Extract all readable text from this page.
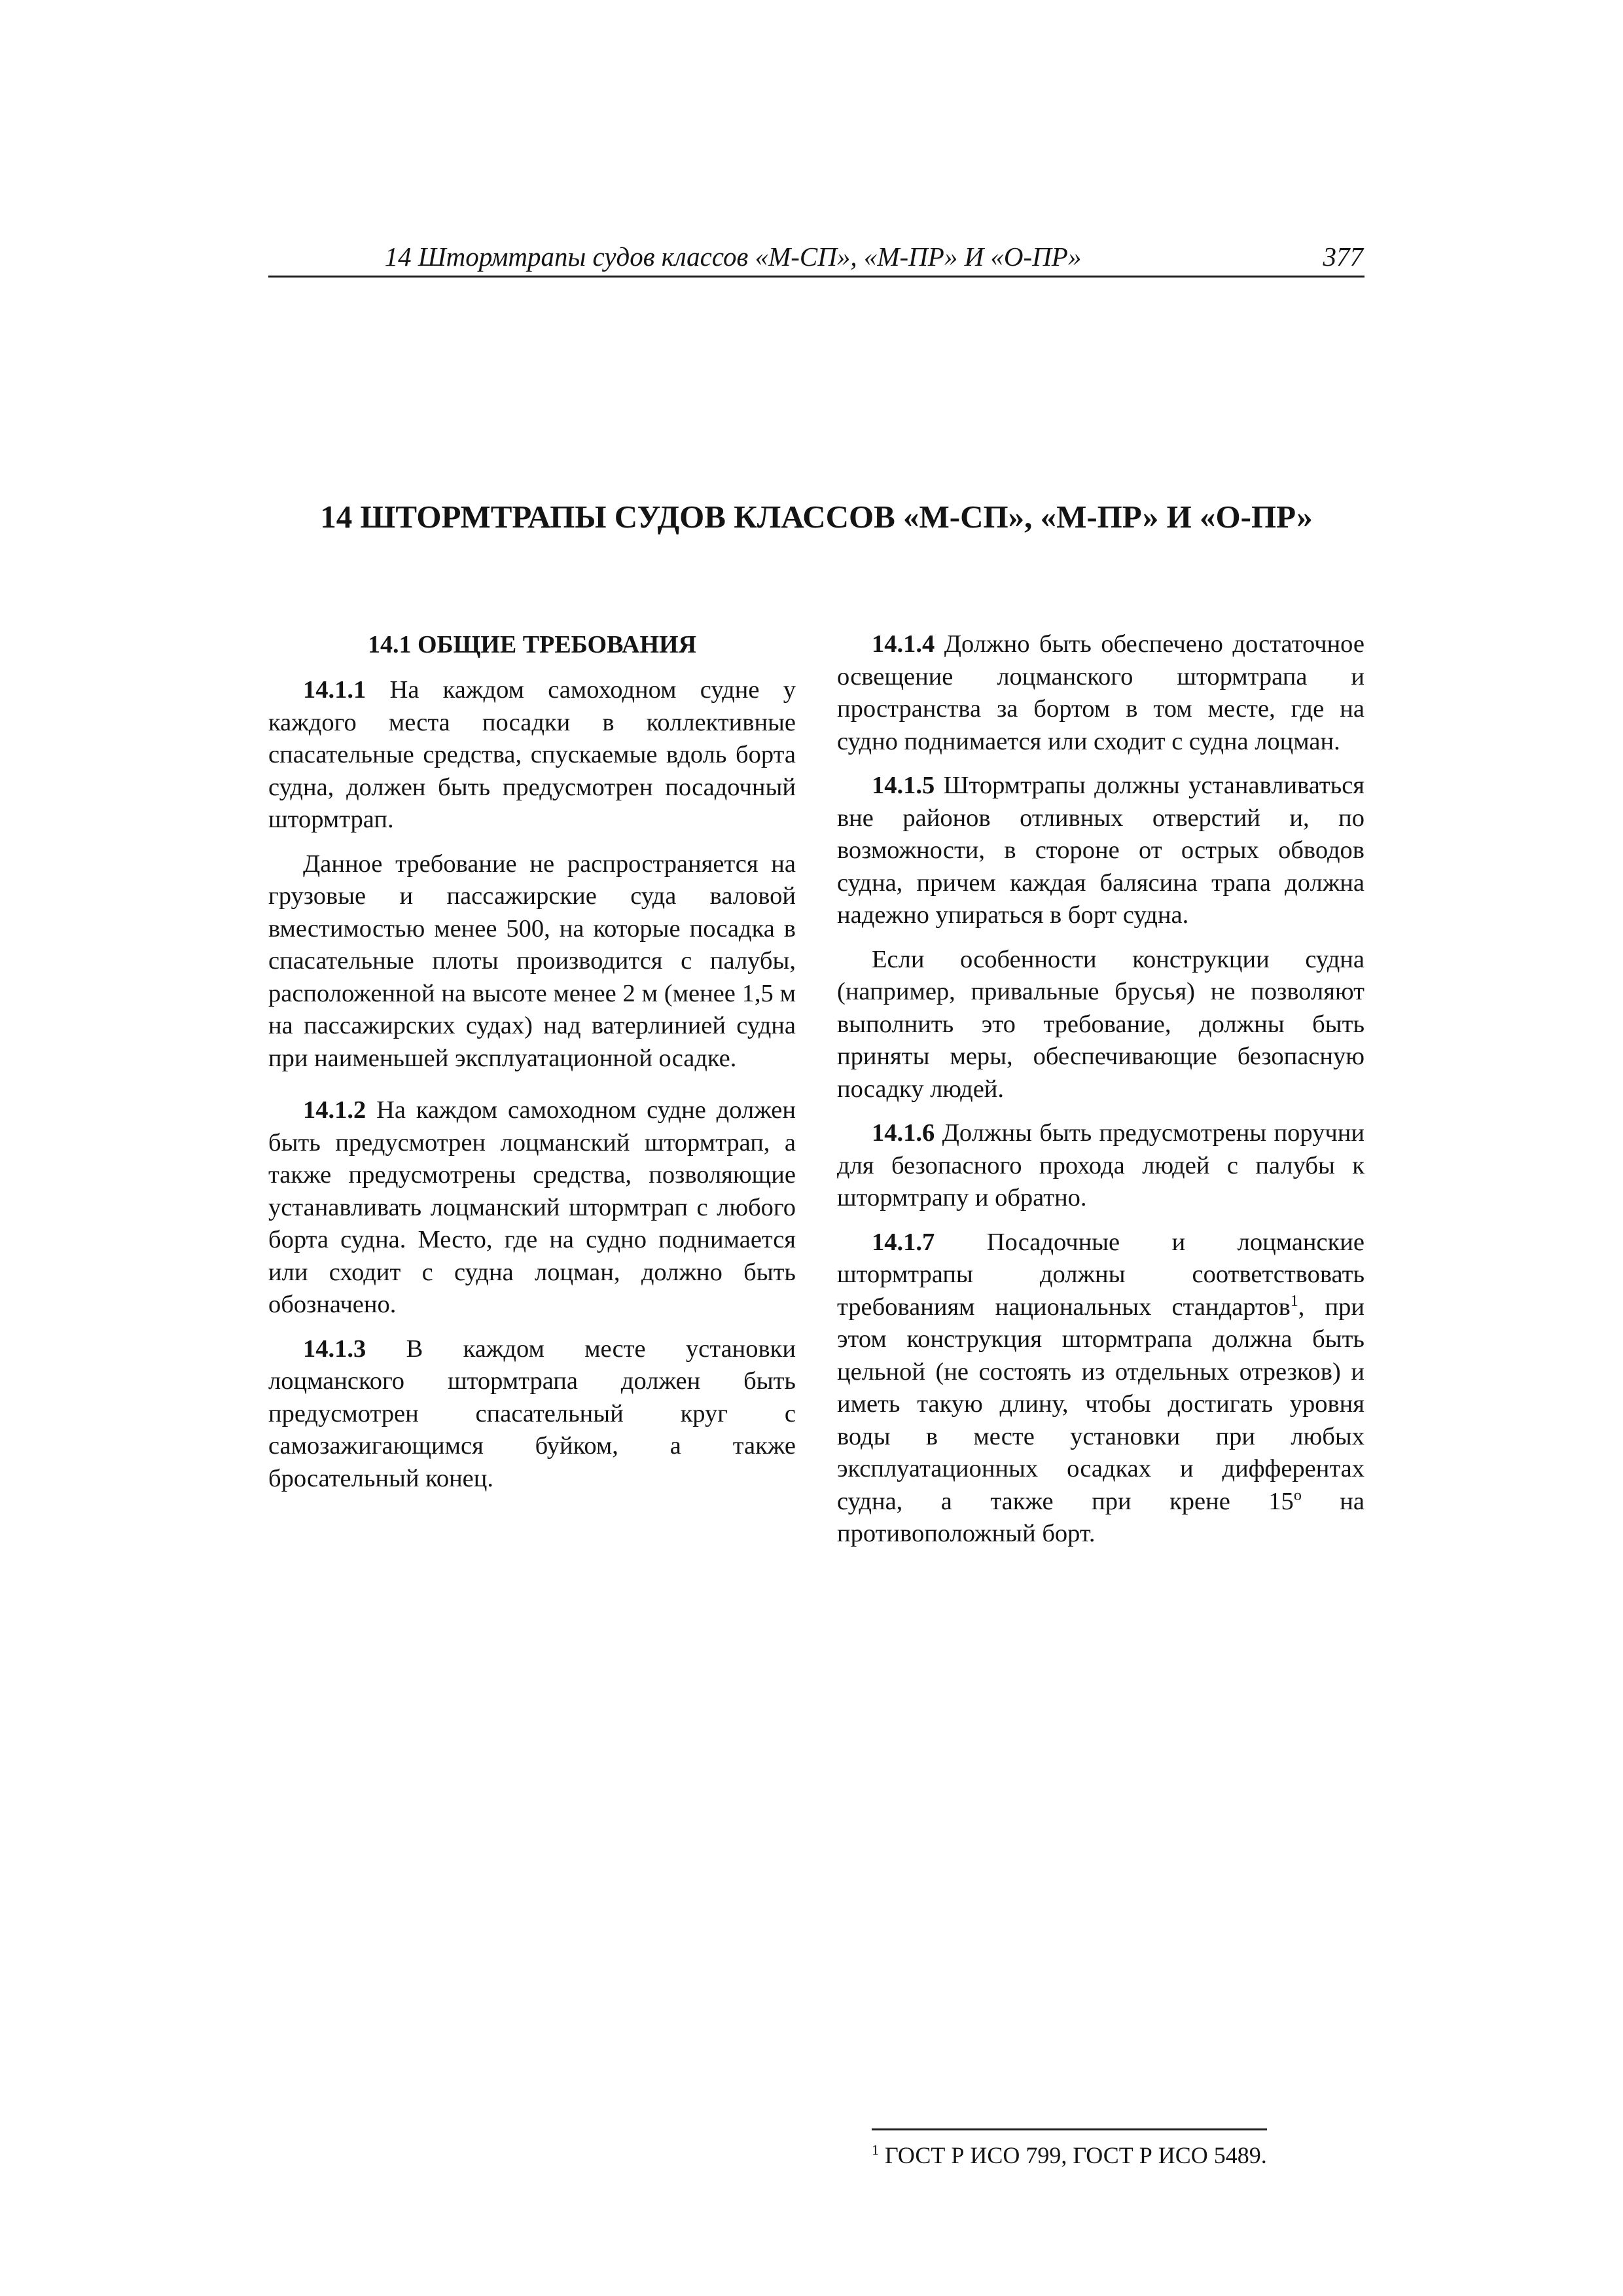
14 Штормтрапы судов классов «М-СП», «М-ПР» И «О-ПР»	377
14 ШТОРМТРАПЫ СУДОВ КЛАССОВ «М-СП», «М-ПР» И «О-ПР»
14.1 ОБЩИЕ ТРЕБОВАНИЯ

14.1.1 На каждом самоходном судне у каждого места посадки в коллективные спасательные средства, спускаемые вдоль борта судна, должен быть предусмотрен посадочный штормтрап.

Данное требование не распространяется на грузовые и пассажирские суда валовой вместимостью менее 500, на которые посадка в спасательные плоты производится с палубы, расположенной на высоте менее 2 м (менее 1,5 м на пассажирских судах) над ватерлинией судна при наименьшей эксплуатационной осадке.

14.1.2 На каждом самоходном судне должен быть предусмотрен лоцманский штормтрап, а также предусмотрены средства, позволяющие устанавливать лоцманский штормтрап с любого борта судна. Место, где на судно поднимается или сходит с судна лоцман, должно быть обозначено.

14.1.3 В каждом месте установки лоцманского штормтрапа должен быть предусмотрен спасательный круг с самозажигающимся буйком, а также бросательный конец.

14.1.4 Должно быть обеспечено достаточное освещение лоцманского штормтрапа и пространства за бортом в том месте, где на судно поднимается или сходит с судна лоцман.

14.1.5 Штормтрапы должны устанавливаться вне районов отливных отверстий и, по возможности, в стороне от острых обводов судна, причем каждая балясина трапа должна надежно упираться в борт судна.

Если особенности конструкции судна (например, привальные брусья) не позволяют выполнить это требование, должны быть приняты меры, обеспечивающие безопасную посадку людей.

14.1.6 Должны быть предусмотрены поручни для безопасного прохода людей с палубы к штормтрапу и обратно.

14.1.7 Посадочные и лоцманские штормтрапы должны соответствовать требованиям национальных стандартов$^1$, при этом конструкция штормтрапа должна быть цельной (не состоять из отдельных отрезков) и иметь такую длину, чтобы достигать уровня воды в месте установки при любых эксплуатационных осадках и дифферентах судна, а также при крене 15$^o$ на противоположный борт.

$^1$ ГОСТ Р ИСО 799, ГОСТ Р ИСО 5489.
